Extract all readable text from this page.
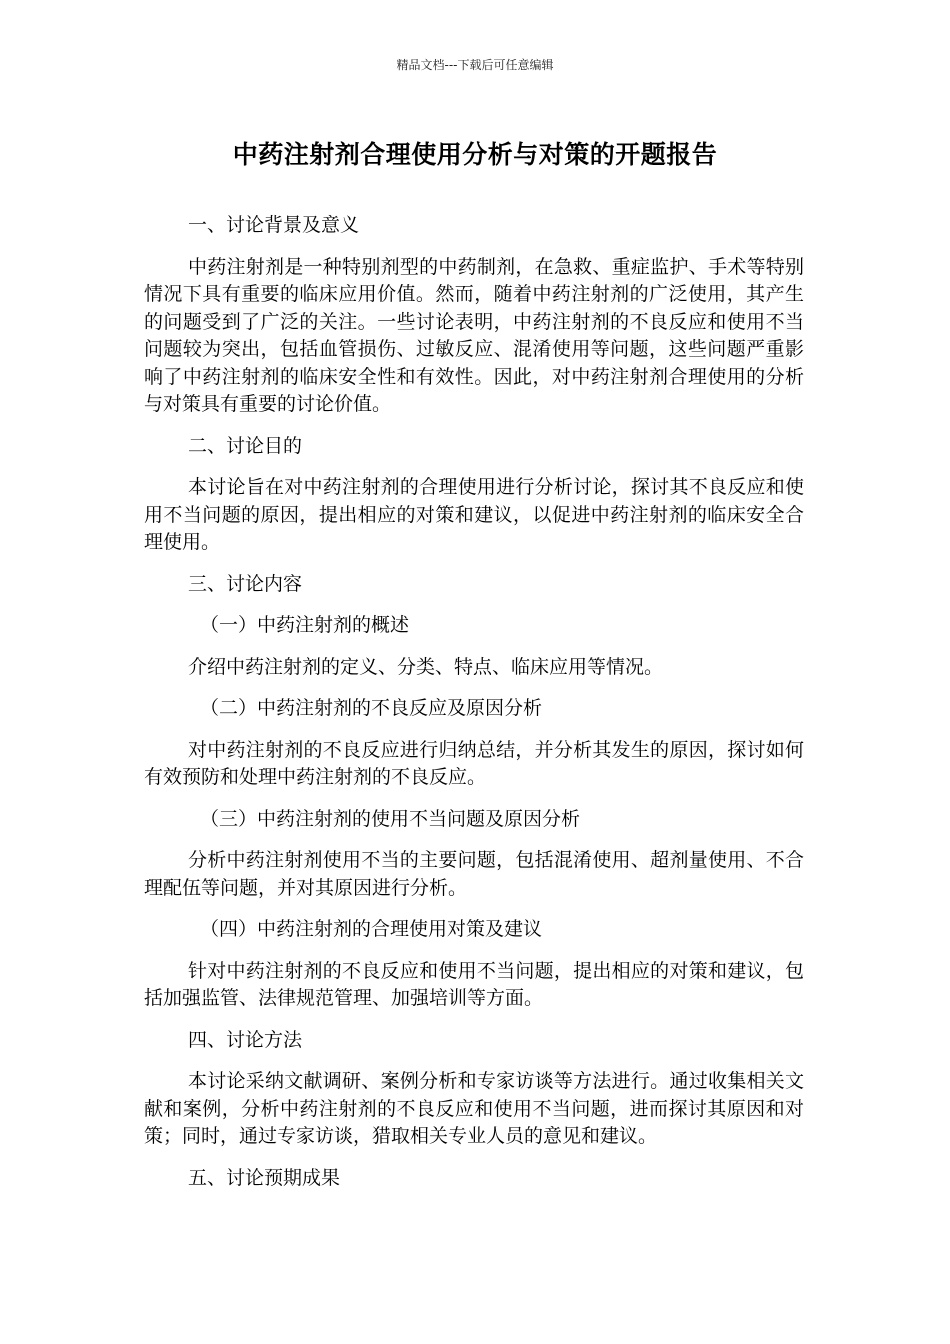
精品文档---下载后可任意编辑
中药注射剂合理使用分析与对策的开题报告

一、讨论背景及意义

中药注射剂是一种特别剂型的中药制剂，在急救、重症监护、手术等特别情况下具有重要的临床应用价值。然而，随着中药注射剂的广泛使用，其产生的问题受到了广泛的关注。一些讨论表明，中药注射剂的不良反应和使用不当问题较为突出，包括血管损伤、过敏反应、混淆使用等问题，这些问题严重影响了中药注射剂的临床安全性和有效性。因此，对中药注射剂合理使用的分析与对策具有重要的讨论价值。

二、讨论目的

本讨论旨在对中药注射剂的合理使用进行分析讨论，探讨其不良反应和使用不当问题的原因，提出相应的对策和建议，以促进中药注射剂的临床安全合理使用。

三、讨论内容

（一）中药注射剂的概述

介绍中药注射剂的定义、分类、特点、临床应用等情况。

（二）中药注射剂的不良反应及原因分析

对中药注射剂的不良反应进行归纳总结，并分析其发生的原因，探讨如何有效预防和处理中药注射剂的不良反应。

（三）中药注射剂的使用不当问题及原因分析

分析中药注射剂使用不当的主要问题，包括混淆使用、超剂量使用、不合理配伍等问题，并对其原因进行分析。

（四）中药注射剂的合理使用对策及建议

针对中药注射剂的不良反应和使用不当问题，提出相应的对策和建议，包括加强监管、法律规范管理、加强培训等方面。

四、讨论方法

本讨论采纳文献调研、案例分析和专家访谈等方法进行。通过收集相关文献和案例，分析中药注射剂的不良反应和使用不当问题，进而探讨其原因和对策；同时，通过专家访谈，猎取相关专业人员的意见和建议。

五、讨论预期成果
